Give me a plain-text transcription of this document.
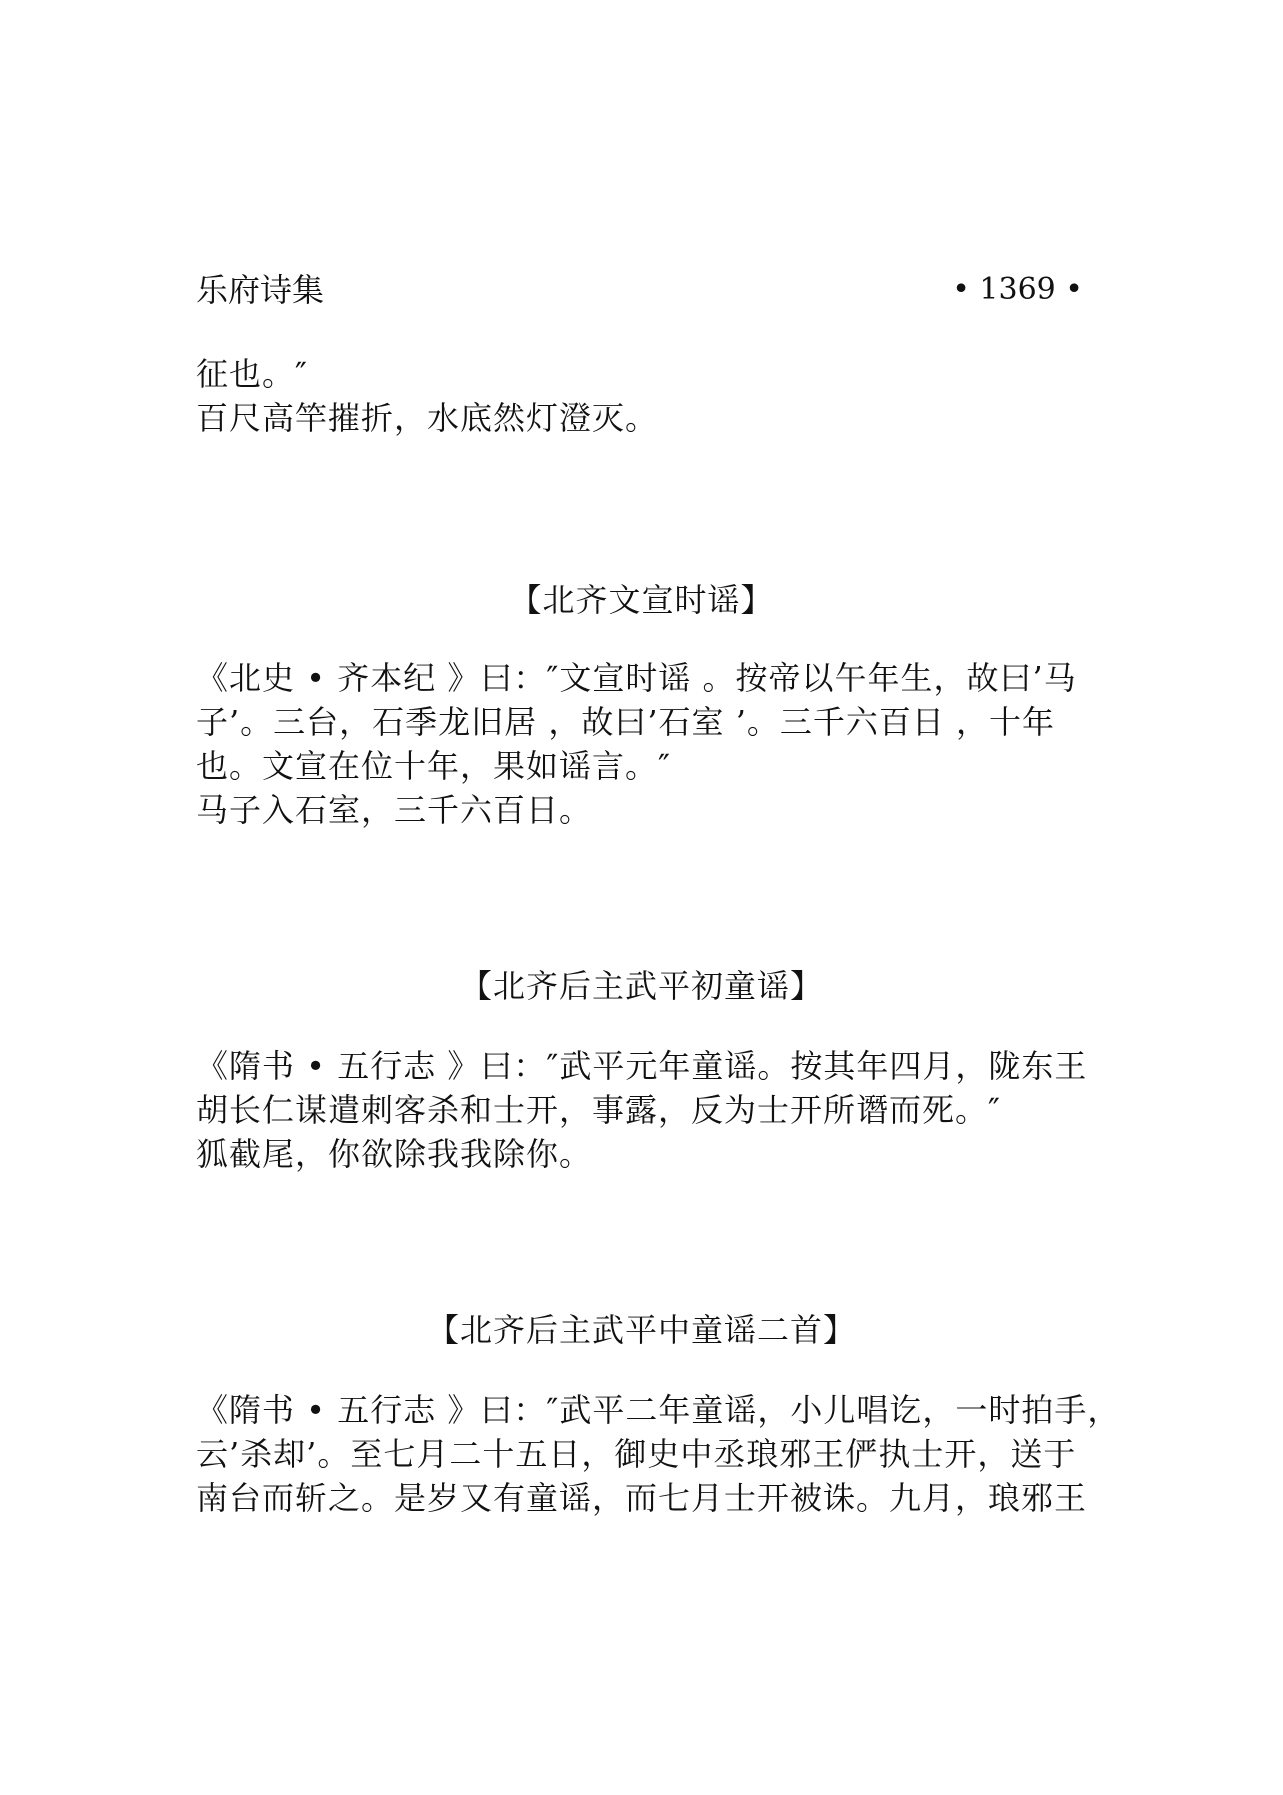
乐府诗集	• 1369 •
征也。″
百尺高竿摧折，水底然灯澄灭。
【北齐文宣时谣】
《北史 • 齐本纪 》曰：″文宣时谣 。按帝以午年生，故曰’马
子’。三台，石季龙旧居 ，故曰’石室 ’。三千六百日 ，十年
也。文宣在位十年，果如谣言。″
马子入石室，三千六百日。
【北齐后主武平初童谣】
《隋书 • 五行志 》曰：″武平元年童谣。按其年四月，陇东王
胡长仁谋遣刺客杀和士开，事露，反为士开所谮而死。″
狐截尾，你欲除我我除你。
【北齐后主武平中童谣二首】
《隋书 • 五行志 》曰：″武平二年童谣，小儿唱讫，一时拍手，
云’杀却’。至七月二十五日，御史中丞琅邪王俨执士开，送于
南台而斩之。是岁又有童谣，而七月士开被诛。九月，琅邪王
